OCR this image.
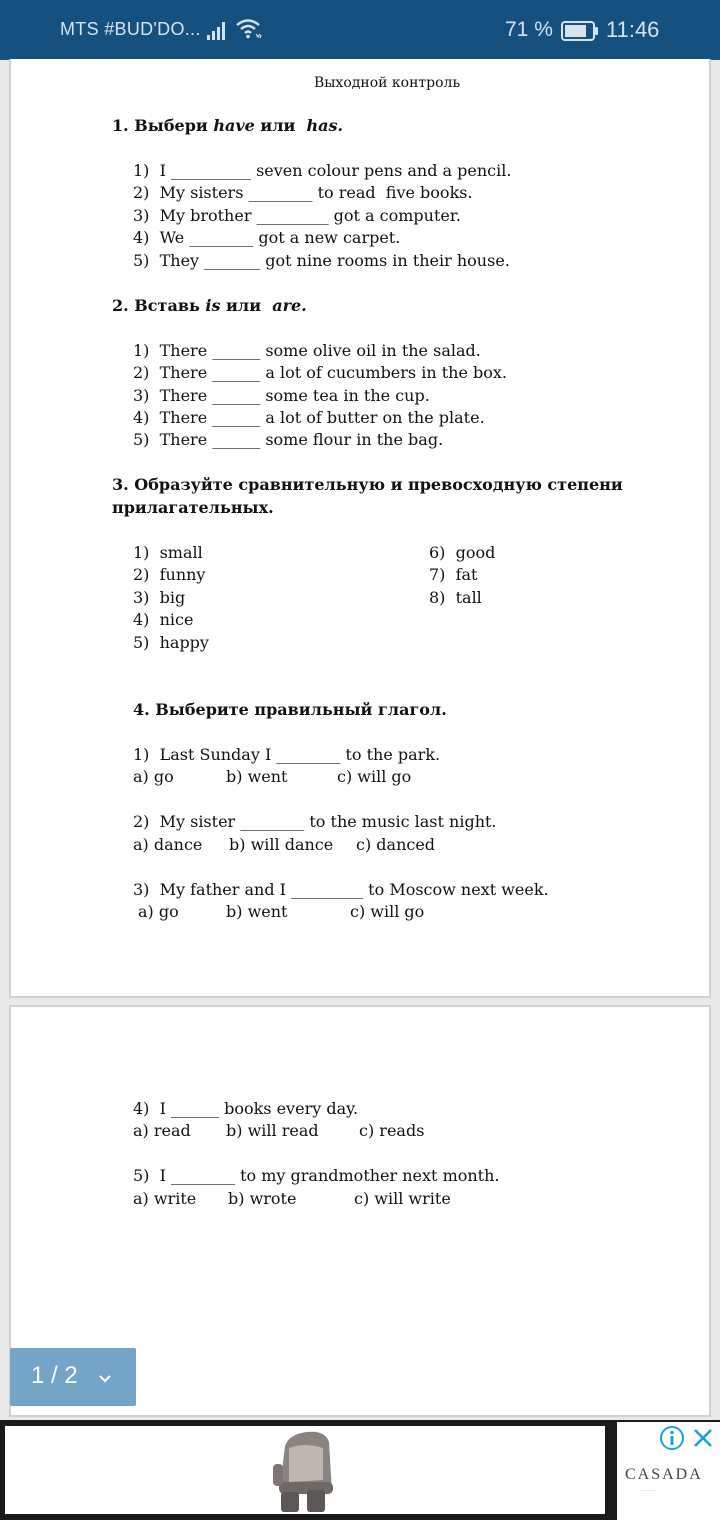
MTS #BUD'DO...	71 % 11:46
Выходной контроль
1. Выбери have или  has.
1)  I __________ seven colour pens and a pencil.
2)  My sisters ________ to read  five books.
3)  My brother _________ got a computer.
4)  We ________ got a new carpet.
5)  They _______ got nine rooms in their house.
2. Вставь is или  are.
1)  There ______ some olive oil in the salad.
2)  There ______ a lot of cucumbers in the box.
3)  There ______ some tea in the cup.
4)  There ______ a lot of butter on the plate.
5)  There ______ some flour in the bag.
3. Образуйте сравнительную и превосходную степени
прилагательных.
1)  small
2)  funny
3)  big
4)  nice
5)  happy
6)  good
7)  fat
8)  tall
4. Выберите правильный глагол.
1)  Last Sunday I ________ to the park.
a) go	b) went	c) will go
2)  My sister ________ to the music last night.
a) dance b) will dance c) danced
3)  My father and I _________ to Moscow next week.
a) go	b) went	c) will go
4)  I ______ books every day.
a) read b) will read	c) reads
5)  I ________ to my grandmother next month.
a) write b) wrote	c) will write
1 / 2
CASADA
········
